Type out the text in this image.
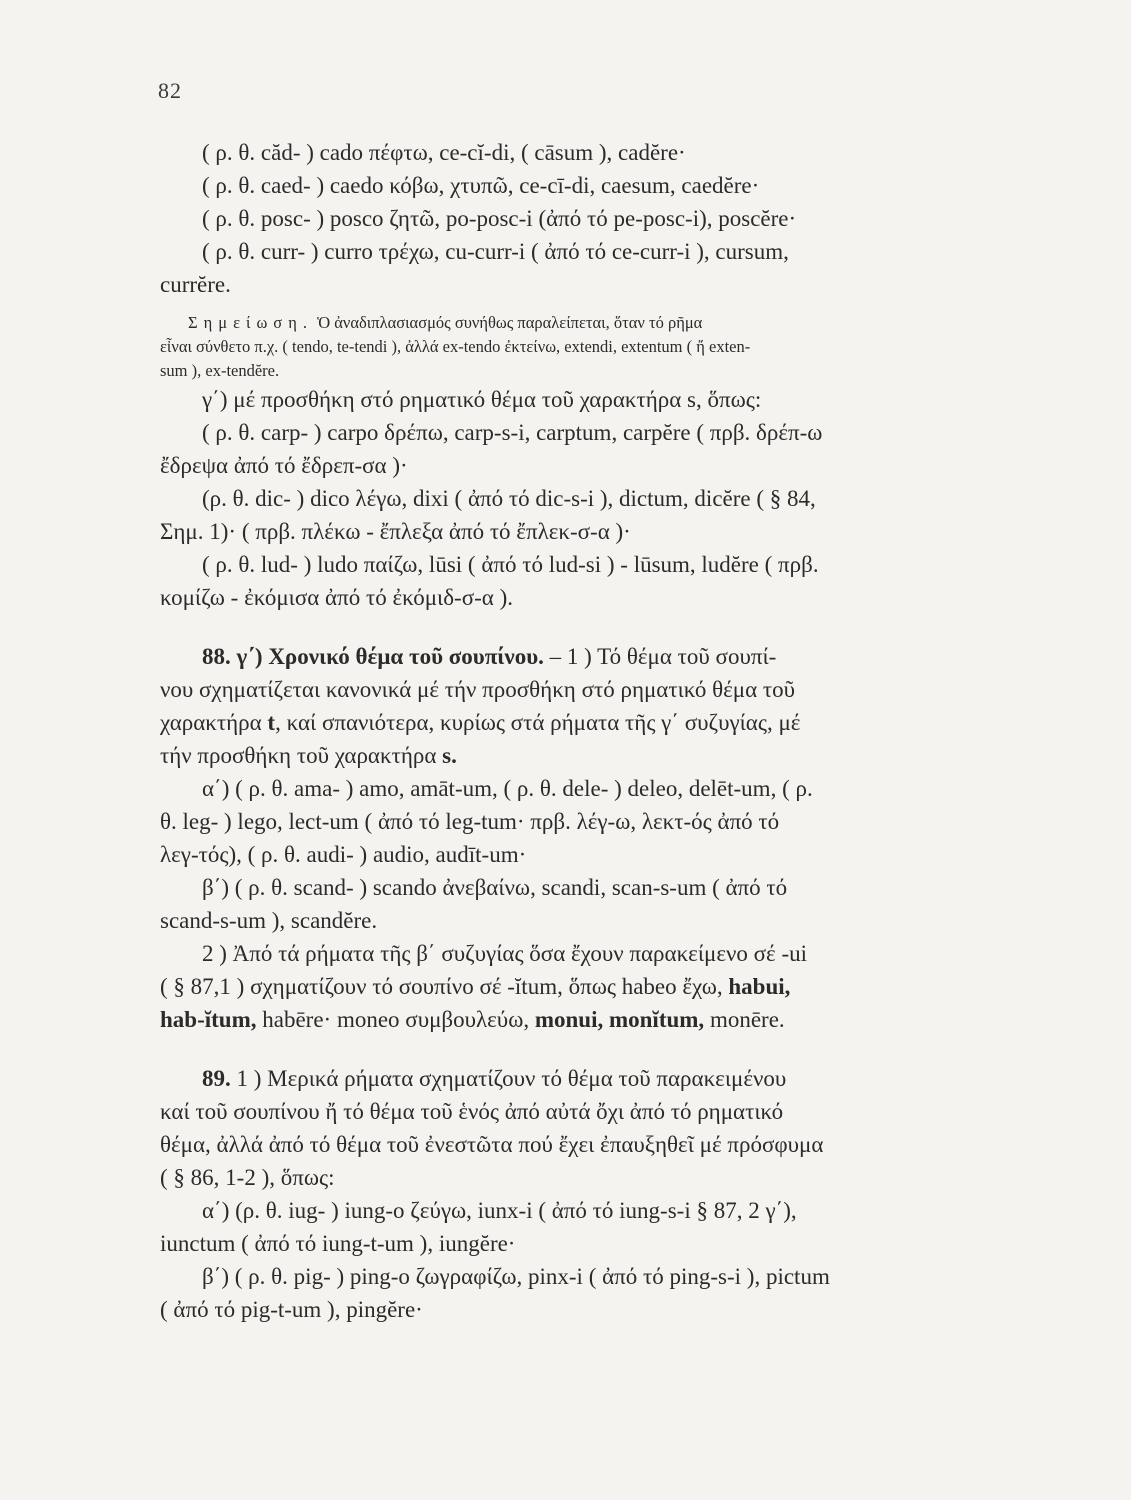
82

( ρ. θ. căd- ) cado πέφτω, ce-cĭ-di, ( cāsum ), cadĕre·

( ρ. θ. caed- ) caedo κόβω, χτυπῶ, ce-cī-di, caesum, caedĕre·

( ρ. θ. posc- ) posco ζητῶ, po-posc-i (ἀπό τό pe-posc-i), poscĕre·

( ρ. θ. curr- ) curro τρέχω, cu-curr-i ( ἀπό τό ce-curr-i ), cursum,

currĕre.

Σημείωση. Ὁ ἀναδιπλασιασμός συνήθως παραλείπεται, ὅταν τό ρῆμα

εἶναι σύνθετο π.χ. ( tendo, te-tendi ), ἀλλά ex-tendo ἐκτείνω, extendi, extentum ( ἤ exten-

sum ), ex-tendĕre.

γ΄) μέ προσθήκη στό ρηματικό θέμα τοῦ χαρακτήρα s, ὅπως:

( ρ. θ. carp- ) carpo δρέπω, carp-s-i, carptum, carpĕre ( πρβ. δρέπ-ω

ἔδρεψα ἀπό τό ἔδρεπ-σα )·

(ρ. θ. dic- ) dico λέγω, dixi ( ἀπό τό dic-s-i ), dictum, dicĕre ( § 84,

Σημ. 1)· ( πρβ. πλέκω - ἔπλεξα ἀπό τό ἔπλεκ-σ-α )·

( ρ. θ. lud- ) ludo παίζω, lūsi ( ἀπό τό lud-si ) - lūsum, ludĕre ( πρβ.

κομίζω - ἐκόμισα ἀπό τό ἐκόμιδ-σ-α ).

88. γ΄) Χρονικό θέμα τοῦ σουπίνου. – 1 ) Τό θέμα τοῦ σουπί-

νου σχηματίζεται κανονικά μέ τήν προσθήκη στό ρηματικό θέμα τοῦ

χαρακτήρα t, καί σπανιότερα, κυρίως στά ρήματα τῆς γ΄ συζυγίας, μέ

τήν προσθήκη τοῦ χαρακτήρα s.

α΄) ( ρ. θ. ama- ) amo, amāt-um, ( ρ. θ. dele- ) deleo, delēt-um, ( ρ.

θ. leg- ) lego, lect-um ( ἀπό τό leg-tum· πρβ. λέγ-ω, λεκτ-ός ἀπό τό

λεγ-τός), ( ρ. θ. audi- ) audio, audīt-um·

β΄) ( ρ. θ. scand- ) scando ἀνεβαίνω, scandi, scan-s-um ( ἀπό τό

scand-s-um ), scandĕre.

2 ) Ἀπό τά ρήματα τῆς β΄ συζυγίας ὅσα ἔχουν παρακείμενο σέ -ui

( § 87,1 ) σχηματίζουν τό σουπίνο σέ -ĭtum, ὅπως habeo ἔχω, habui,

hab-ĭtum, habēre· moneo συμβουλεύω, monui, monĭtum, monēre.

89. 1 ) Μερικά ρήματα σχηματίζουν τό θέμα τοῦ παρακειμένου

καί τοῦ σουπίνου ἤ τό θέμα τοῦ ἑνός ἀπό αὐτά ὄχι ἀπό τό ρηματικό

θέμα, ἀλλά ἀπό τό θέμα τοῦ ἐνεστῶτα πού ἔχει ἐπαυξηθεῖ μέ πρόσφυμα

( § 86, 1-2 ), ὅπως:

α΄) (ρ. θ. iug- ) iung-o ζεύγω, iunx-i ( ἀπό τό iung-s-i § 87, 2 γ΄),

iunctum ( ἀπό τό iung-t-um ), iungĕre·

β΄) ( ρ. θ. pig- ) ping-o ζωγραφίζω, pinx-i ( ἀπό τό ping-s-i ), pictum

( ἀπό τό pig-t-um ), pingĕre·
